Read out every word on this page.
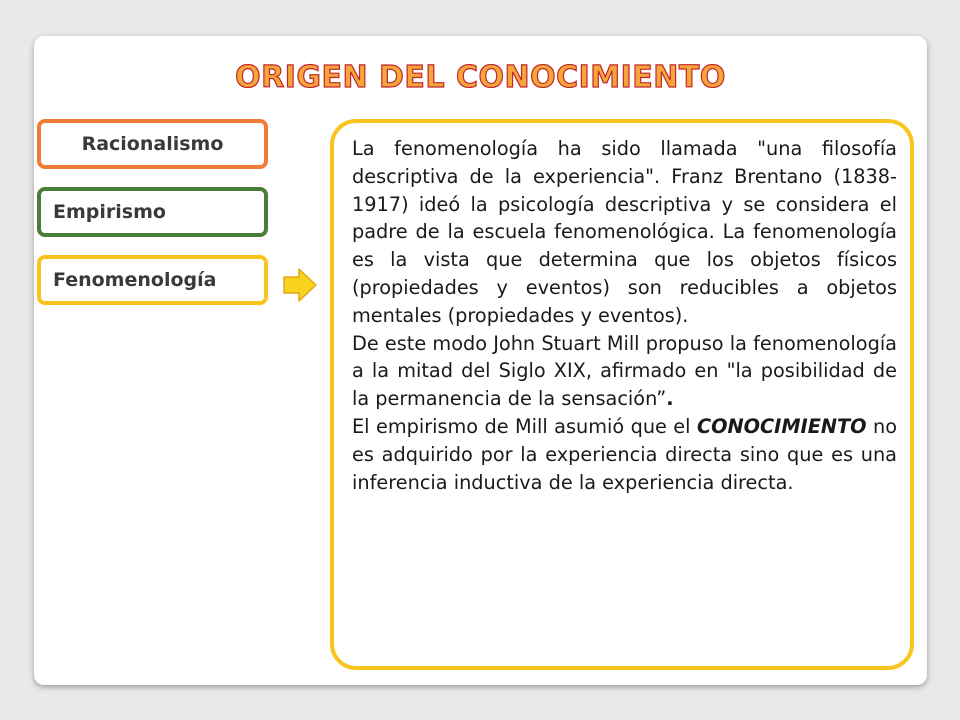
ORIGEN DEL CONOCIMIENTO
Racionalismo
Empirismo
Fenomenología

La fenomenología ha sido llamada "una filosofía descriptiva de la experiencia". Franz Brentano (1838-1917) ideó la psicología descriptiva y se considera el padre de la escuela fenomenológica. La fenomenología es la vista que determina que los objetos físicos (propiedades y eventos) son reducibles a objetos mentales (propiedades y eventos).

De este modo John Stuart Mill propuso la fenomenología a la mitad del Siglo XIX, afirmado en "la posibilidad de la permanencia de la sensación”.

El empirismo de Mill asumió que el CONOCIMIENTO no es adquirido por la experiencia directa sino que es una inferencia inductiva de la experiencia directa.
